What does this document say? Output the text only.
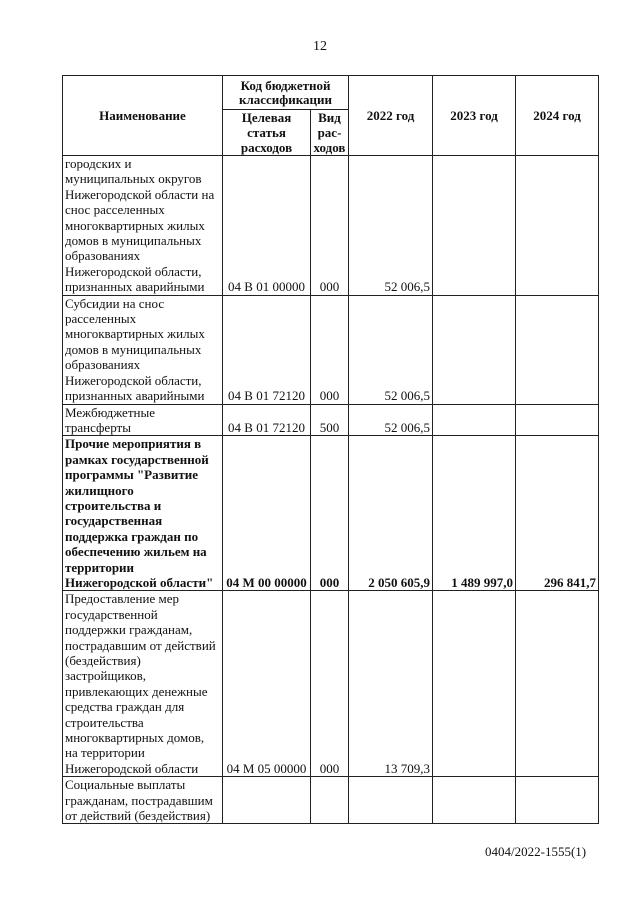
12
Наименование	Код бюджетной классификации		2022 год	2023 год	2024 год
	Целевая статья расходов	Вид рас-ходов			
городских и муниципальных округов Нижегородской области на снос расселенных многоквартирных жилых домов в муниципальных образованиях Нижегородской области, признанных аварийными	04 В 01 00000	000	52 006,5		
Субсидии на снос расселенных многоквартирных жилых домов в муниципальных образованиях Нижегородской области, признанных аварийными	04 В 01 72120	000	52 006,5		
Межбюджетные трансферты	04 В 01 72120	500	52 006,5		
Прочие мероприятия в рамках государственной программы "Развитие жилищного строительства и государственная поддержка граждан по обеспечению жильем на территории Нижегородской области"	04 М 00 00000	000	2 050 605,9	1 489 997,0	296 841,7
Предоставление мер государственной поддержки гражданам, пострадавшим от действий (бездействия) застройщиков, привлекающих денежные средства граждан для строительства многоквартирных домов, на территории Нижегородской области	04 М 05 00000	000	13 709,3		
Социальные выплаты гражданам, пострадавшим от действий (бездействия)					
0404/2022-1555(1)
